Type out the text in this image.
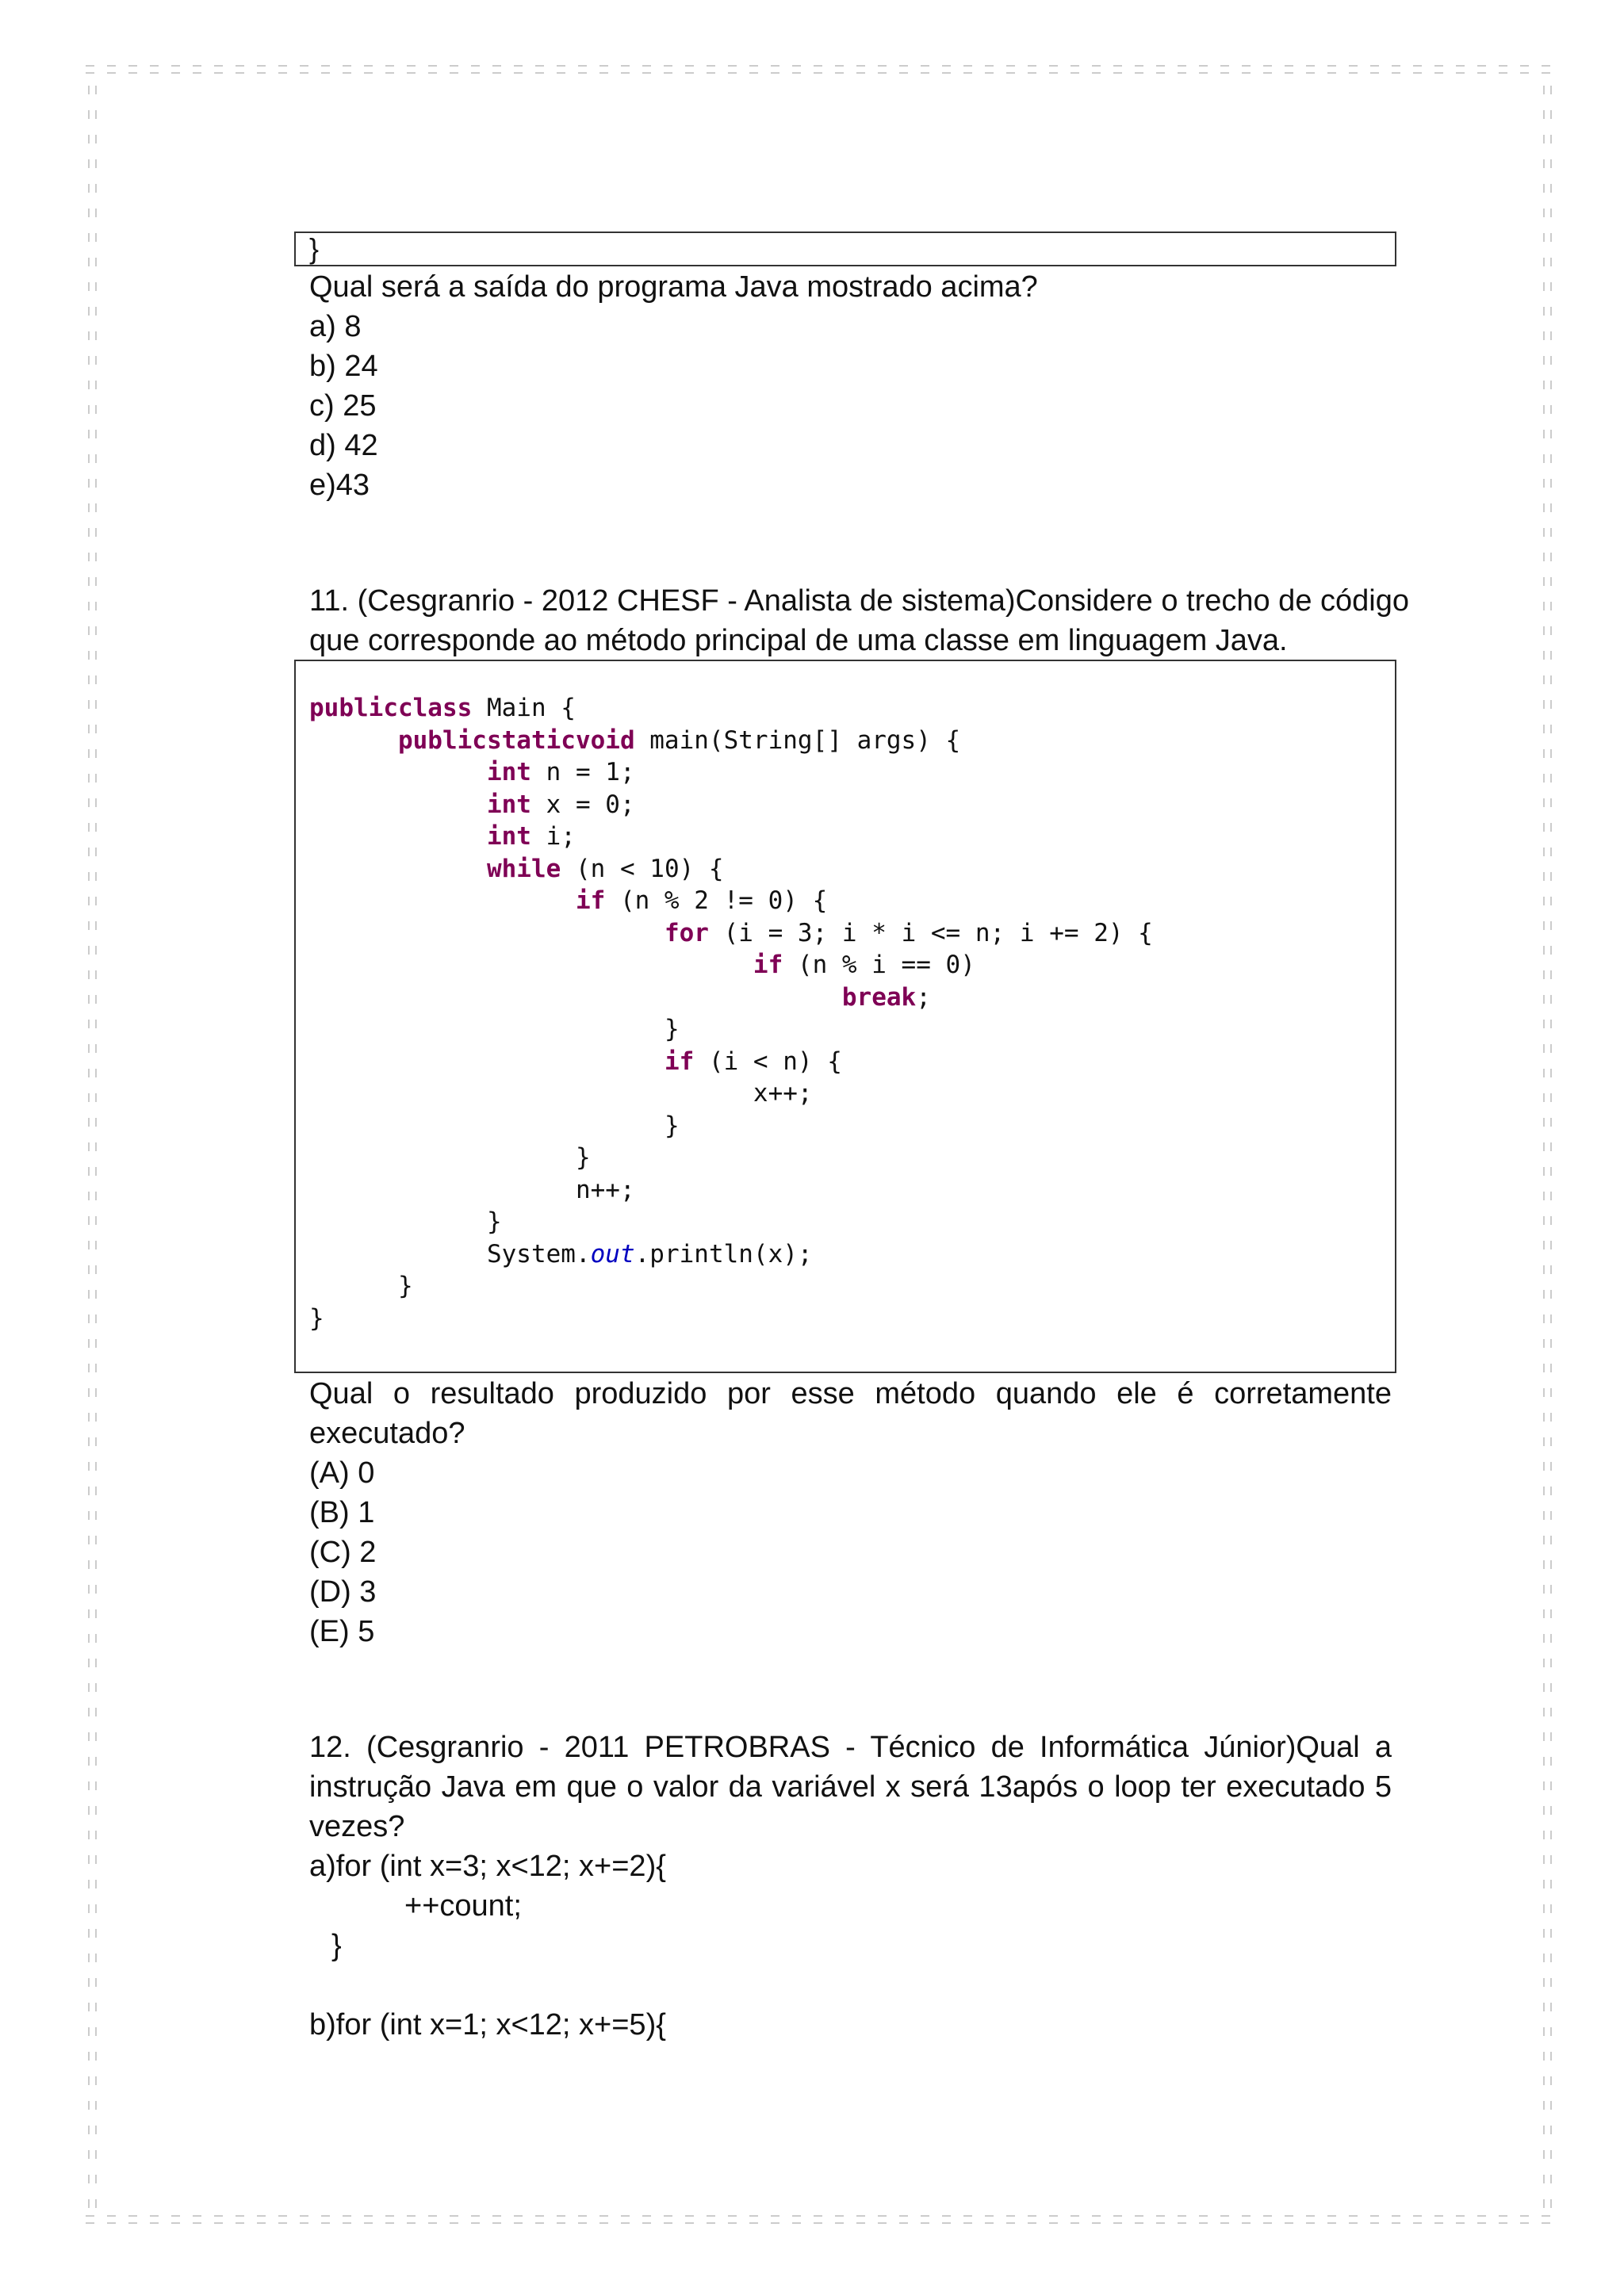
}

Qual será a saída do programa Java mostrado acima?

a) 8

b) 24

c) 25

d) 42

e)43

11. (Cesgranrio - 2012 CHESF - Analista de sistema)Considere o trecho de código

que corresponde ao método principal de uma classe em linguagem Java.

publicclass Main {
publicstaticvoid main(String[] args) {
int n = 1;
int x = 0;
int i;
while (n < 10) {
if (n % 2 != 0) {
for (i = 3; i * i <= n; i += 2) {
if (n % i == 0)
break;
}
if (i < n) {
x++;
}
}
n++;
}
System.out.println(x);
}
}

Qual o resultado produzido por esse método quando ele é corretamente

executado?

(A) 0

(B) 1

(C) 2

(D) 3

(E) 5

12. (Cesgranrio - 2011 PETROBRAS - Técnico de Informática Júnior)Qual a

instrução Java em que o valor da variável x será 13após o loop ter executado 5

vezes?

a)for (int x=3; x<12; x+=2){

++count;

}

b)for (int x=1; x<12; x+=5){
